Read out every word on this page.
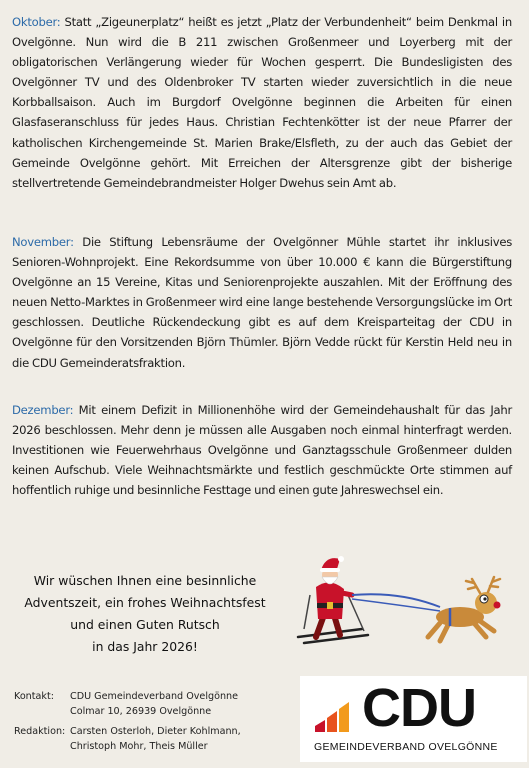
Oktober: Statt „Zigeunerplatz“ heißt es jetzt „Platz der Verbundenheit“ beim Denkmal in Ovelgönne. Nun wird die B 211 zwischen Großenmeer und Loyerberg mit der obligatorischen Verlängerung wieder für Wochen gesperrt. Die Bundesligisten des Ovelgönner TV und des Oldenbroker TV starten wieder zuversichtlich in die neue Korbballsaison. Auch im Burgdorf Ovelgönne beginnen die Arbeiten für einen Glasfaseranschluss für jedes Haus. Christian Fechtenkötter ist der neue Pfarrer der katholischen Kirchengemeinde St. Marien Brake/Elsfleth, zu der auch das Gebiet der Gemeinde Ovelgönne gehört. Mit Erreichen der Altersgrenze gibt der bisherige stellvertretende Gemeindebrandmeister Holger Dwehus sein Amt ab.
November: Die Stiftung Lebensräume der Ovelgönner Mühle startet ihr inklusives Senioren-Wohnprojekt. Eine Rekordsumme von über 10.000 € kann die Bürgerstiftung Ovelgönne an 15 Vereine, Kitas und Seniorenprojekte auszahlen. Mit der Eröffnung des neuen Netto-Marktes in Großenmeer wird eine lange bestehende Versorgungslücke im Ort geschlossen. Deutliche Rückendeckung gibt es auf dem Kreisparteitag der CDU in Ovelgönne für den Vorsitzenden Björn Thümler. Björn Vedde rückt für Kerstin Held neu in die CDU Gemeinderatsfraktion.
Dezember: Mit einem Defizit in Millionenhöhe wird der Gemeindehaushalt für das Jahr 2026 beschlossen. Mehr denn je müssen alle Ausgaben noch einmal hinterfragt werden. Investitionen wie Feuerwehrhaus Ovelgönne und Ganztagsschule Großenmeer dulden keinen Aufschub. Viele Weihnachtsmärkte und festlich geschmückte Orte stimmen auf hoffentlich ruhige und besinnliche Festtage und einen gute Jahreswechsel ein.
Wir wüschen Ihnen eine besinnliche
Adventszeit, ein frohes Weihnachtsfest
und einen Guten Rutsch
in das Jahr 2026!
Kontakt:	CDU Gemeindeverband Ovelgönne
Colmar 10, 26939 Ovelgönne
Redaktion: Carsten Osterloh, Dieter Kohlmann,
Christoph Mohr, Theis Müller
CDU
GEMEINDEVERBAND OVELGÖNNE
